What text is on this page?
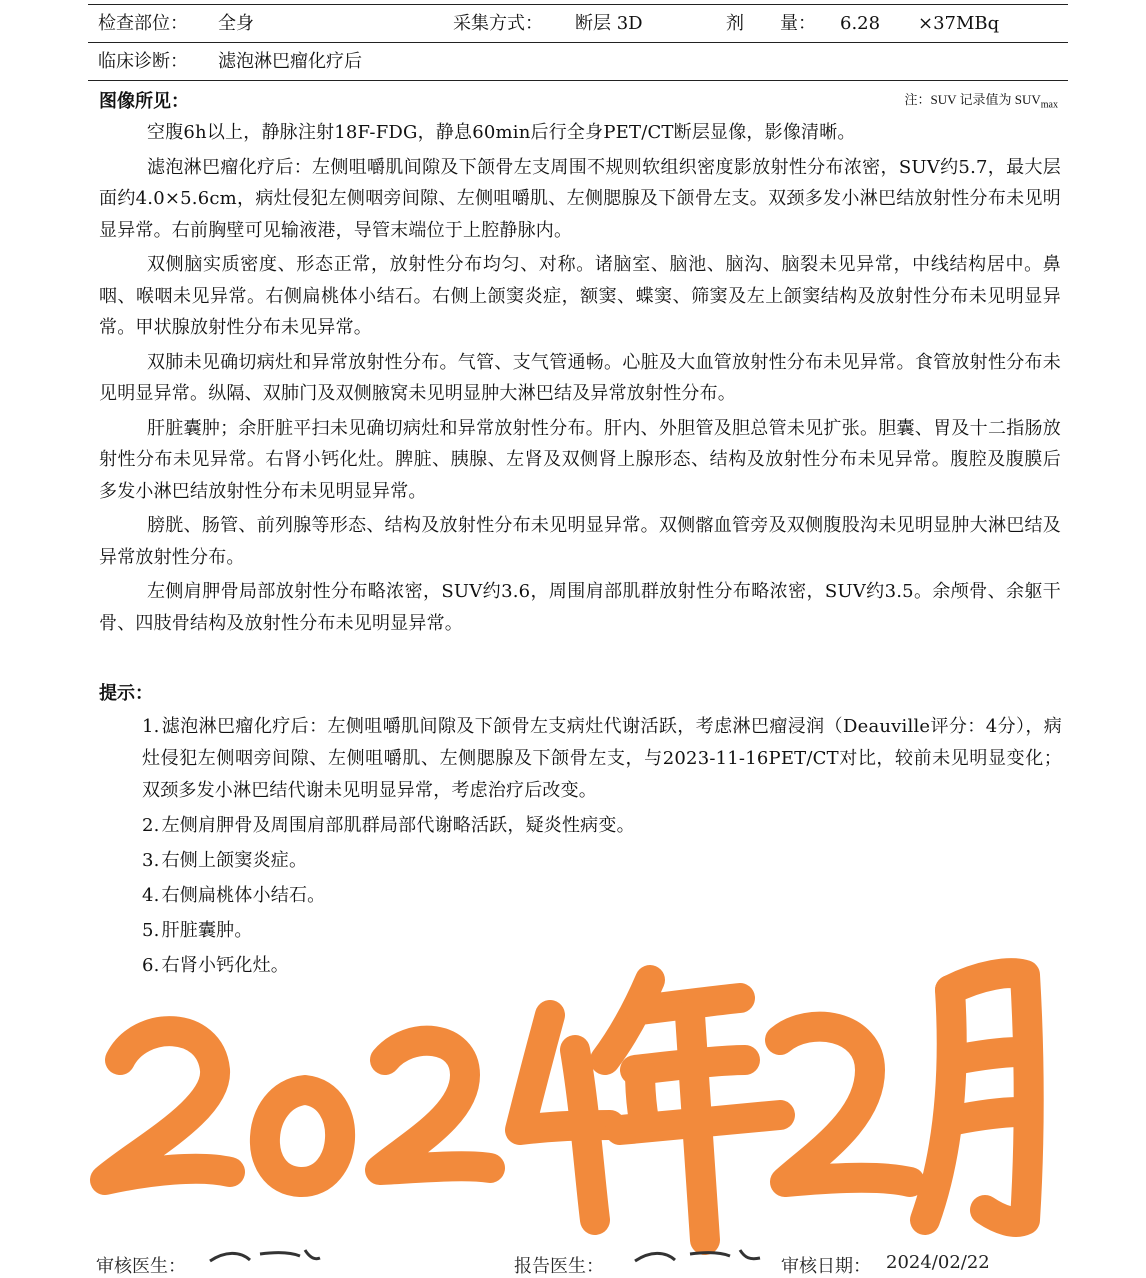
检查部位： 全身	采集方式： 断层 3D	剂　　量： 6.28 ×37MBq
临床诊断： 滤泡淋巴瘤化疗后
图像所见：	注：SUV 记录值为 $SUV_{max}$

空腹6h以上，静脉注射18F-FDG，静息60min后行全身PET/CT断层显像，影像清晰。

滤泡淋巴瘤化疗后：左侧咀嚼肌间隙及下颌骨左支周围不规则软组织密度影放射性分布浓密，SUV约5.7，最大层面约4.0×5.6cm，病灶侵犯左侧咽旁间隙、左侧咀嚼肌、左侧腮腺及下颌骨左支。双颈多发小淋巴结放射性分布未见明显异常。右前胸壁可见输液港，导管末端位于上腔静脉内。

双侧脑实质密度、形态正常，放射性分布均匀、对称。诸脑室、脑池、脑沟、脑裂未见异常，中线结构居中。鼻咽、喉咽未见异常。右侧扁桃体小结石。右侧上颌窦炎症，额窦、蝶窦、筛窦及左上颌窦结构及放射性分布未见明显异常。甲状腺放射性分布未见异常。

双肺未见确切病灶和异常放射性分布。气管、支气管通畅。心脏及大血管放射性分布未见异常。食管放射性分布未见明显异常。纵隔、双肺门及双侧腋窝未见明显肿大淋巴结及异常放射性分布。

肝脏囊肿；余肝脏平扫未见确切病灶和异常放射性分布。肝内、外胆管及胆总管未见扩张。胆囊、胃及十二指肠放射性分布未见异常。右肾小钙化灶。脾脏、胰腺、左肾及双侧肾上腺形态、结构及放射性分布未见异常。腹腔及腹膜后多发小淋巴结放射性分布未见明显异常。

膀胱、肠管、前列腺等形态、结构及放射性分布未见明显异常。双侧髂血管旁及双侧腹股沟未见明显肿大淋巴结及异常放射性分布。

左侧肩胛骨局部放射性分布略浓密，SUV约3.6，周围肩部肌群放射性分布略浓密，SUV约3.5。余颅骨、余躯干骨、四肢骨结构及放射性分布未见明显异常。

提示：

1. 滤泡淋巴瘤化疗后：左侧咀嚼肌间隙及下颌骨左支病灶代谢活跃，考虑淋巴瘤浸润（Deauville评分：4分），病灶侵犯左侧咽旁间隙、左侧咀嚼肌、左侧腮腺及下颌骨左支，与2023-11-16PET/CT对比，较前未见明显变化；双颈多发小淋巴结代谢未见明显异常，考虑治疗后改变。

2. 左侧肩胛骨及周围肩部肌群局部代谢略活跃，疑炎性病变。

3. 右侧上颌窦炎症。

4. 右侧扁桃体小结石。

5. 肝脏囊肿。

6. 右肾小钙化灶。

审核医生：	报告医生：	审核日期： 2024/02/22
